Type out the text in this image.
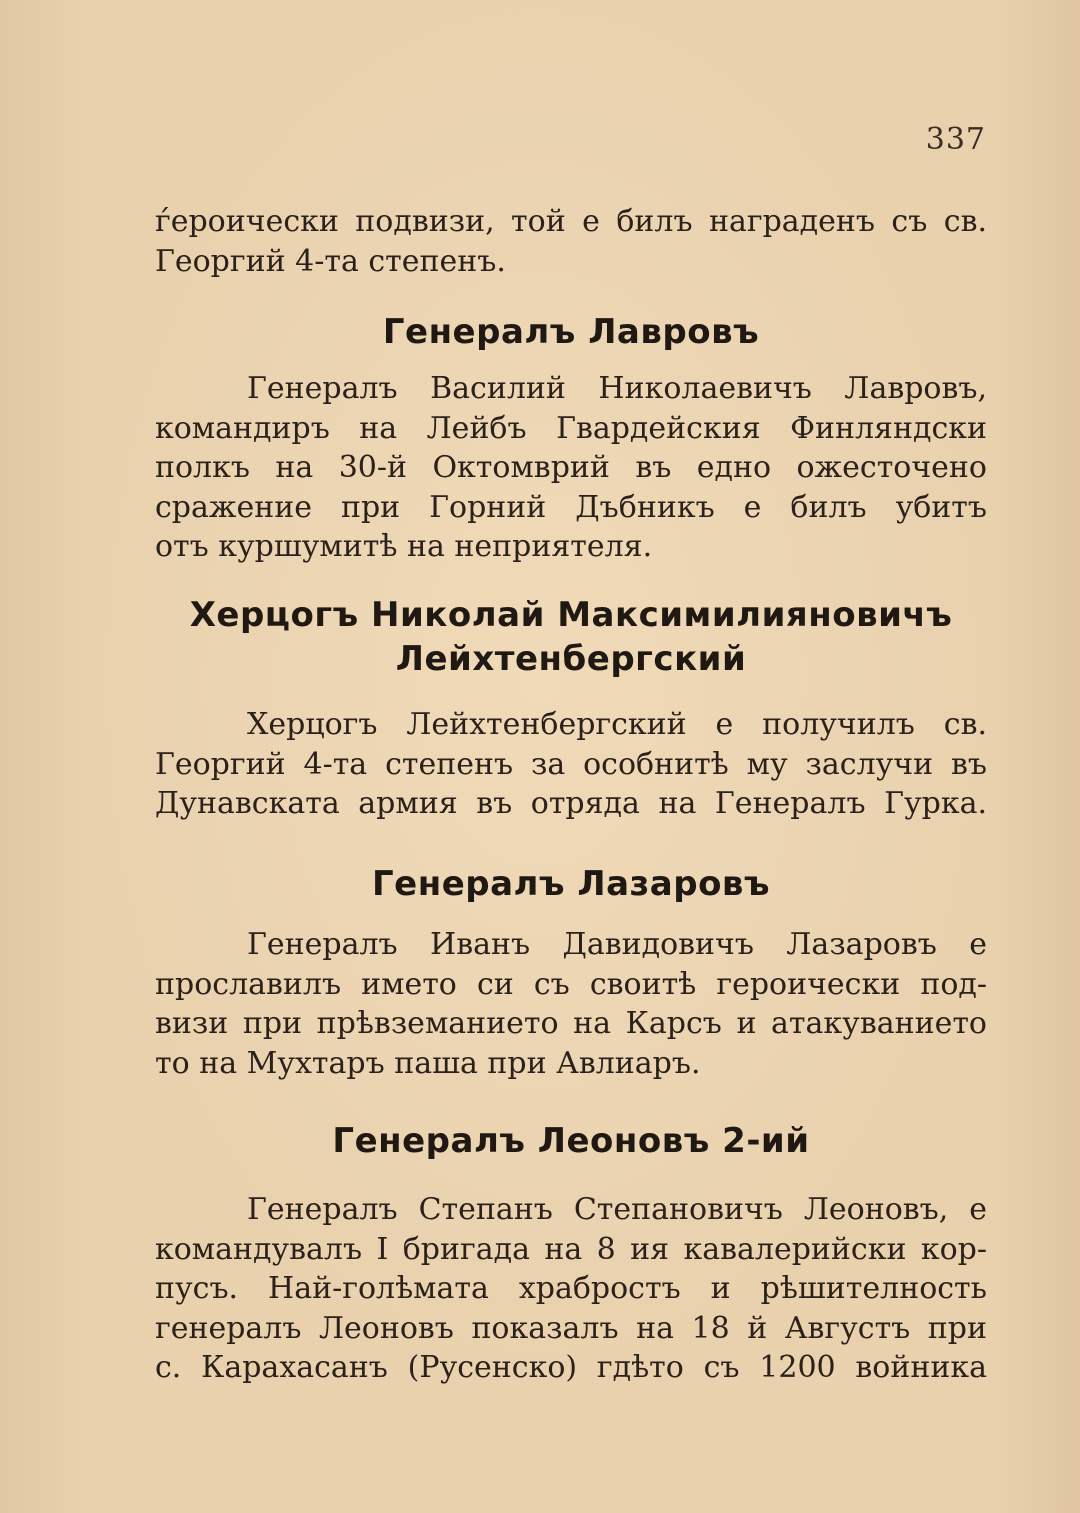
337
ѓероически подвизи, той е билъ награденъ съ св.
Георгий 4-та степенъ.
Генералъ Лавровъ
Генералъ Василий Николаевичъ Лавровъ,
командиръ на Лейбъ Гвардейския Финляндски
полкъ на 30-й Октомврий въ едно ожесточено
сражение при Горний Дъбникъ е билъ убитъ
отъ куршумитѣ на неприятеля.
Херцогъ Николай Максимилияновичъ
Лейхтенбергский
Херцогъ Лейхтенбергский е получилъ св.
Георгий 4-та степенъ за особнитѣ му заслучи въ
Дунавската армия въ отряда на Генералъ Гурка.
Генералъ Лазаровъ
Генералъ Иванъ Давидовичъ Лазаровъ е
прославилъ името си съ своитѣ героически под-
визи при прѣвземанието на Карсъ и атакуванието
то на Мухтаръ паша при Авлиаръ.
Генералъ Леоновъ 2-ий
Генералъ Степанъ Степановичъ Леоновъ, е
командувалъ I бригада на 8 ия кавалерийски кор-
пусъ. Най-голѣмата храбростъ и рѣшителность
генералъ Леоновъ показалъ на 18 й Августъ при
с. Карахасанъ (Русенско) гдѣто съ 1200 войника
